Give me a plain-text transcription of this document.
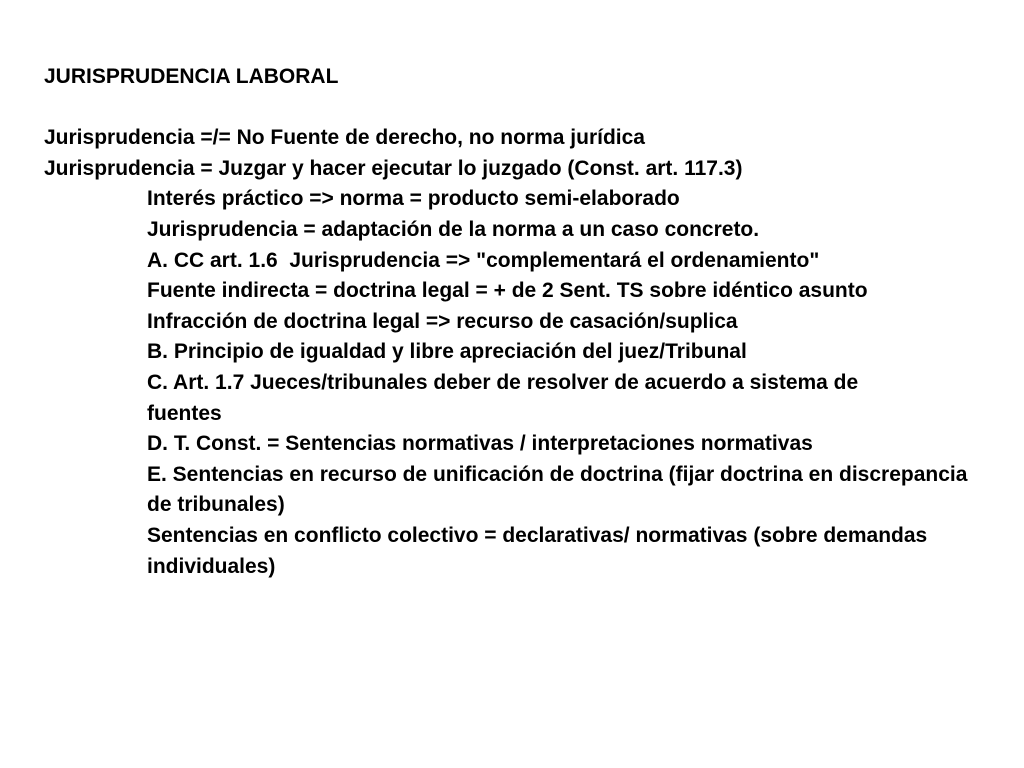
JURISPRUDENCIA LABORAL
Jurisprudencia =/= No Fuente de derecho, no norma jurídica
Jurisprudencia = Juzgar y hacer ejecutar lo juzgado (Const. art. 117.3)
Interés práctico => norma = producto semi-elaborado
Jurisprudencia = adaptación de la norma a un caso concreto.
A. CC art. 1.6  Jurisprudencia => "complementará el ordenamiento"
Fuente indirecta = doctrina legal = + de 2 Sent. TS sobre idéntico asunto
Infracción de doctrina legal => recurso de casación/suplica
B. Principio de igualdad y libre apreciación del juez/Tribunal
C. Art. 1.7 Jueces/tribunales deber de resolver de acuerdo a sistema de fuentes
D. T. Const. = Sentencias normativas / interpretaciones normativas
E. Sentencias en recurso de unificación de doctrina (fijar doctrina en discrepancia de tribunales)
Sentencias en conflicto colectivo = declarativas/ normativas (sobre demandas individuales)
